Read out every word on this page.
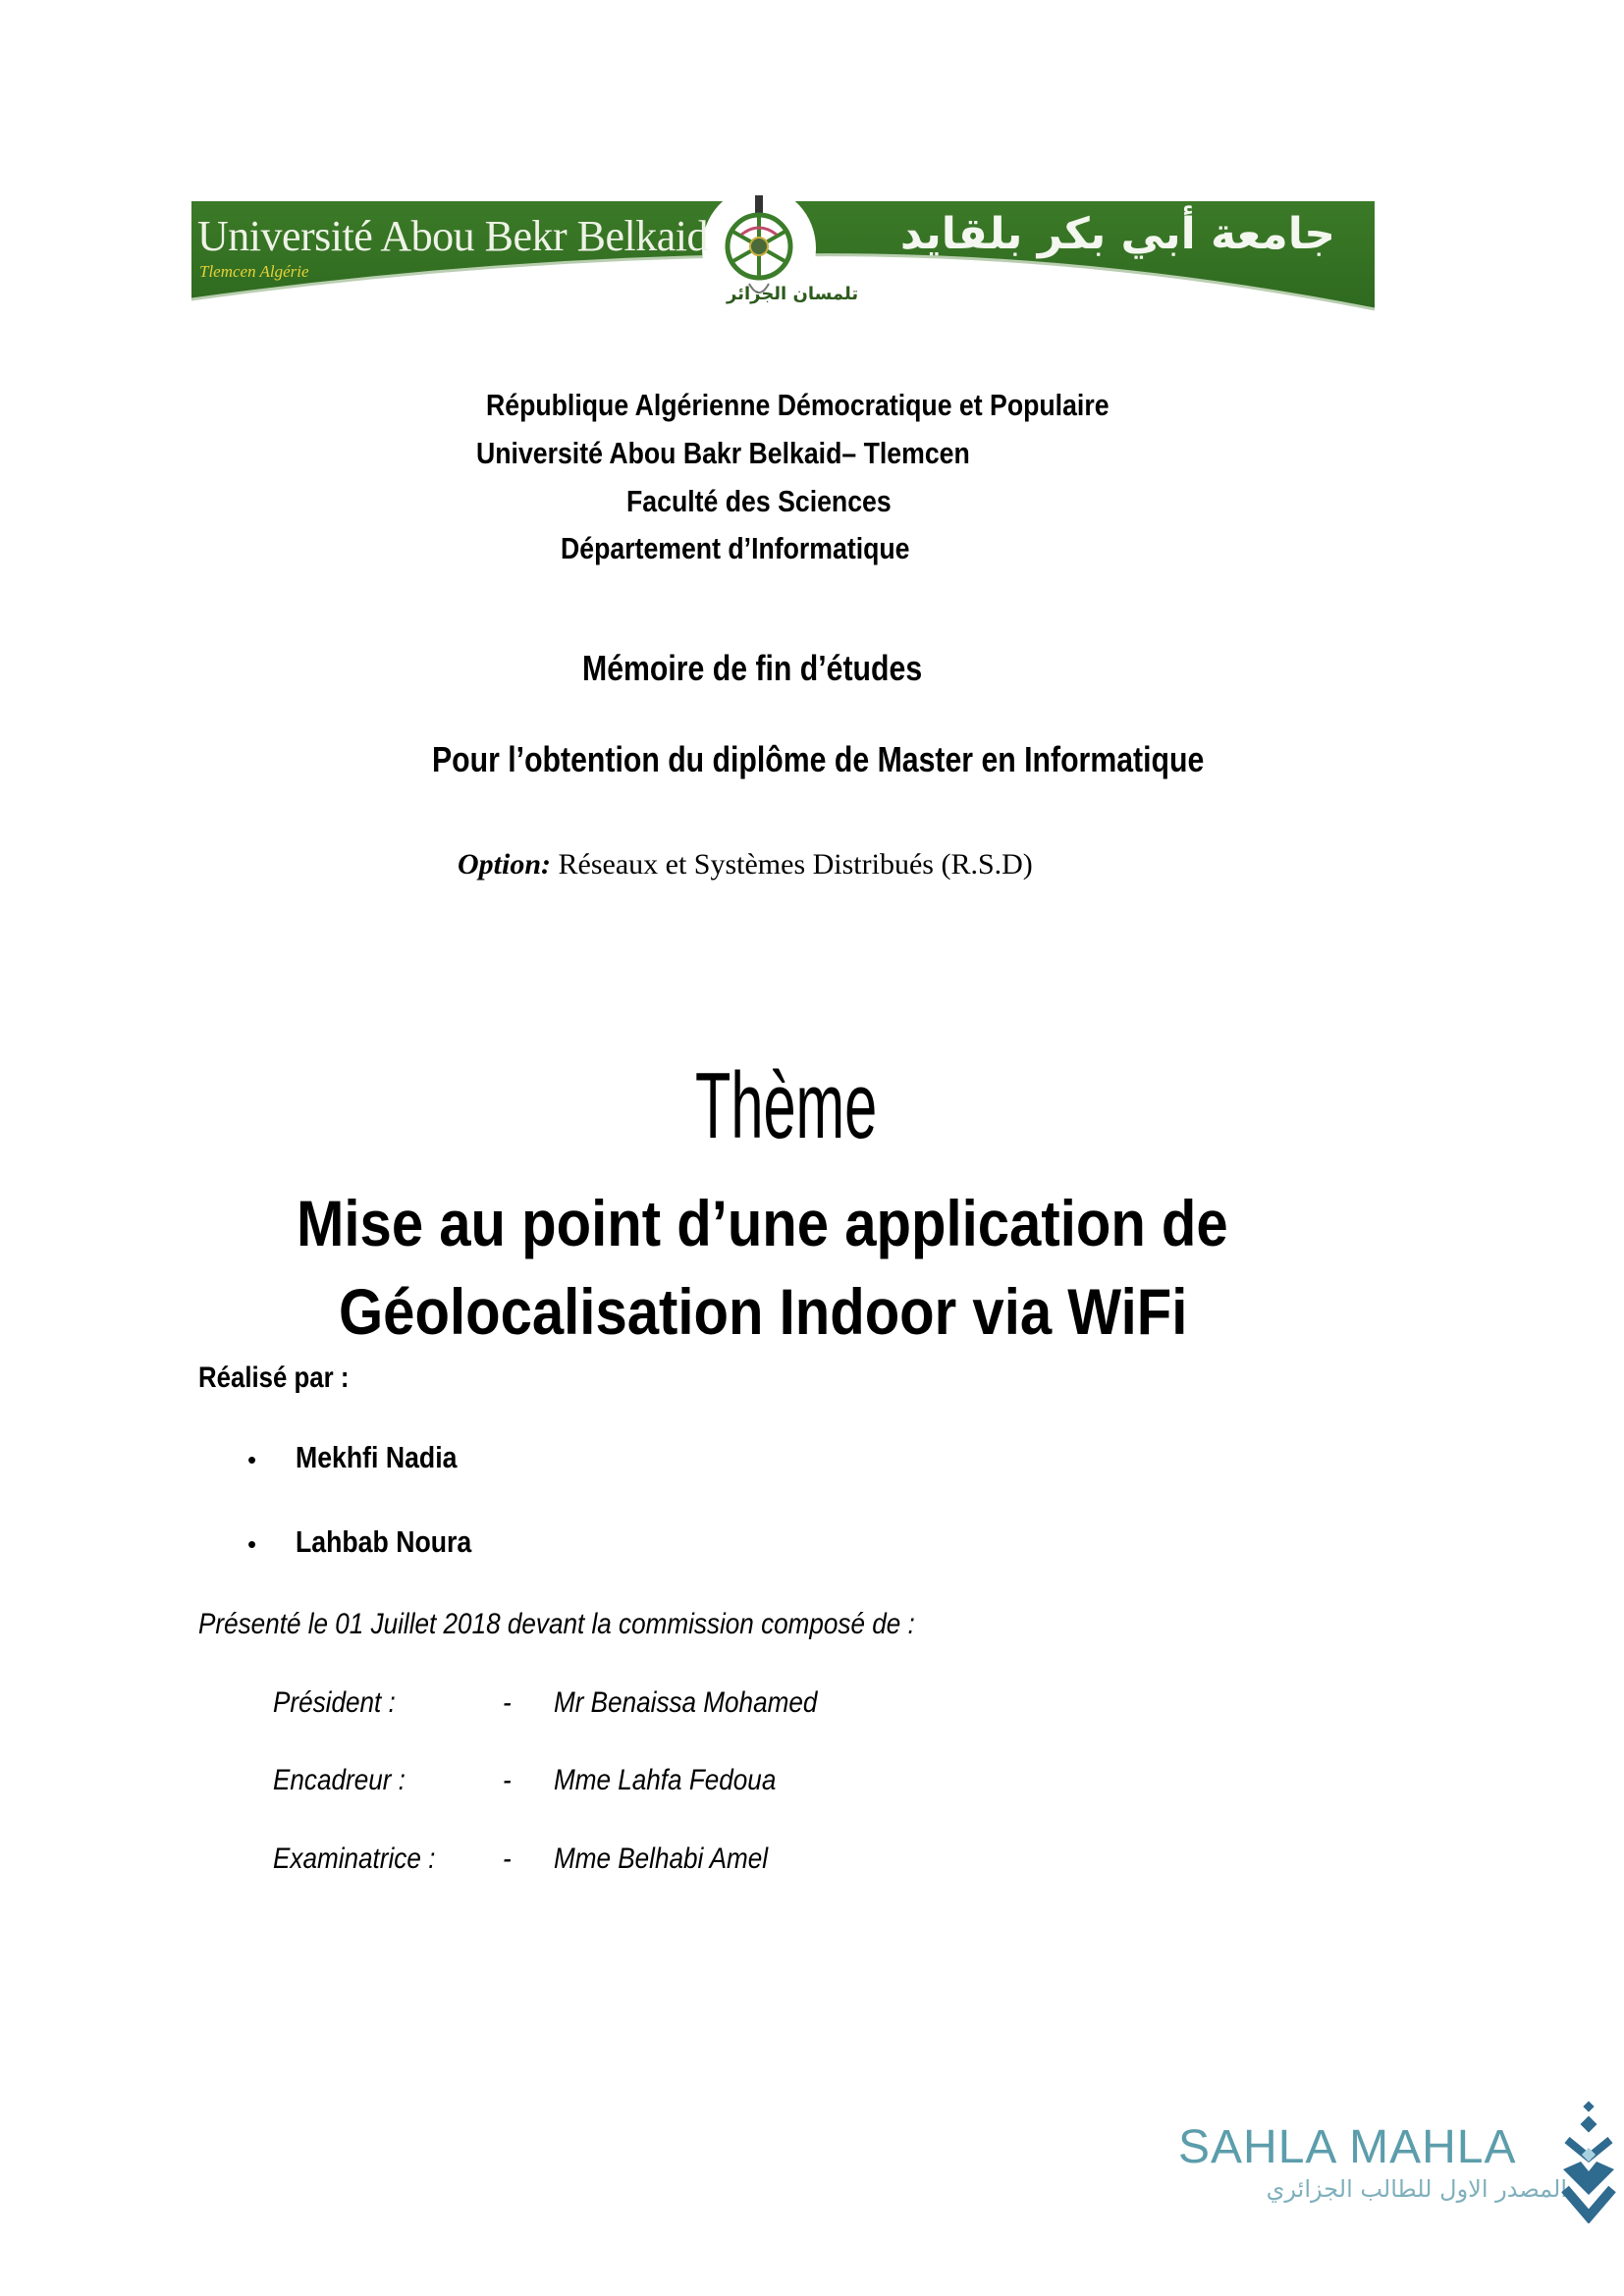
Université Abou Bekr Belkaid
Tlemcen Algérie
جامعة أبي بكر بلقايد
تلمسان الجزائر
République Algérienne Démocratique et Populaire
Université Abou Bakr Belkaid– Tlemcen
Faculté des Sciences
Département d’Informatique
Mémoire de fin d’études
Pour l’obtention du diplôme de Master en Informatique
Option: Réseaux et Systèmes Distribués (R.S.D)
Thème
Mise au point d’une application de
Géolocalisation Indoor via WiFi
Réalisé par :
• Mekhfi Nadia
• Lahbab Noura
Présenté le 01 Juillet 2018 devant la commission composé de :
Président :	- Mr Benaissa Mohamed
Encadreur :	- Mme Lahfa Fedoua
Examinatrice :	- Mme Belhabi Amel
SAHLA MAHLA
المصدر الاول للطالب الجزائري
